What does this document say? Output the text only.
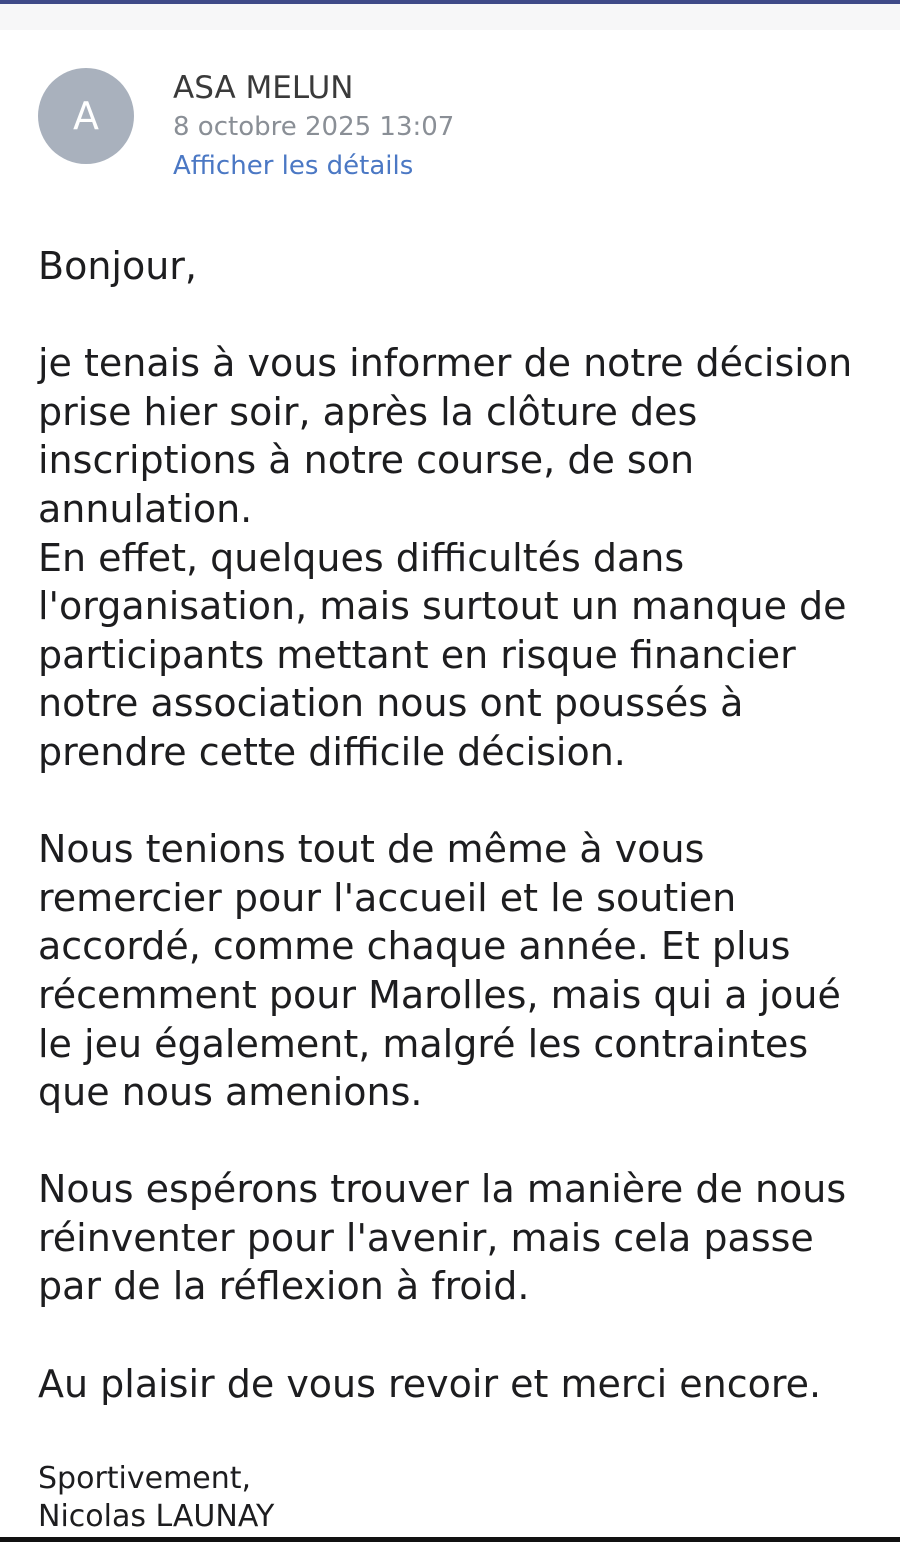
A
ASA MELUN
8 octobre 2025 13:07
Afficher les détails

Bonjour,

je tenais à vous informer de notre décision
prise hier soir, après la clôture des
inscriptions à notre course, de son
annulation.
En effet, quelques difficultés dans
l'organisation, mais surtout un manque de
participants mettant en risque financier
notre association nous ont poussés à
prendre cette difficile décision.

Nous tenions tout de même à vous
remercier pour l'accueil et le soutien
accordé, comme chaque année. Et plus
récemment pour Marolles, mais qui a joué
le jeu également, malgré les contraintes
que nous amenions.

Nous espérons trouver la manière de nous
réinventer pour l'avenir, mais cela passe
par de la réflexion à froid.

Au plaisir de vous revoir et merci encore.

Sportivement,
Nicolas LAUNAY
